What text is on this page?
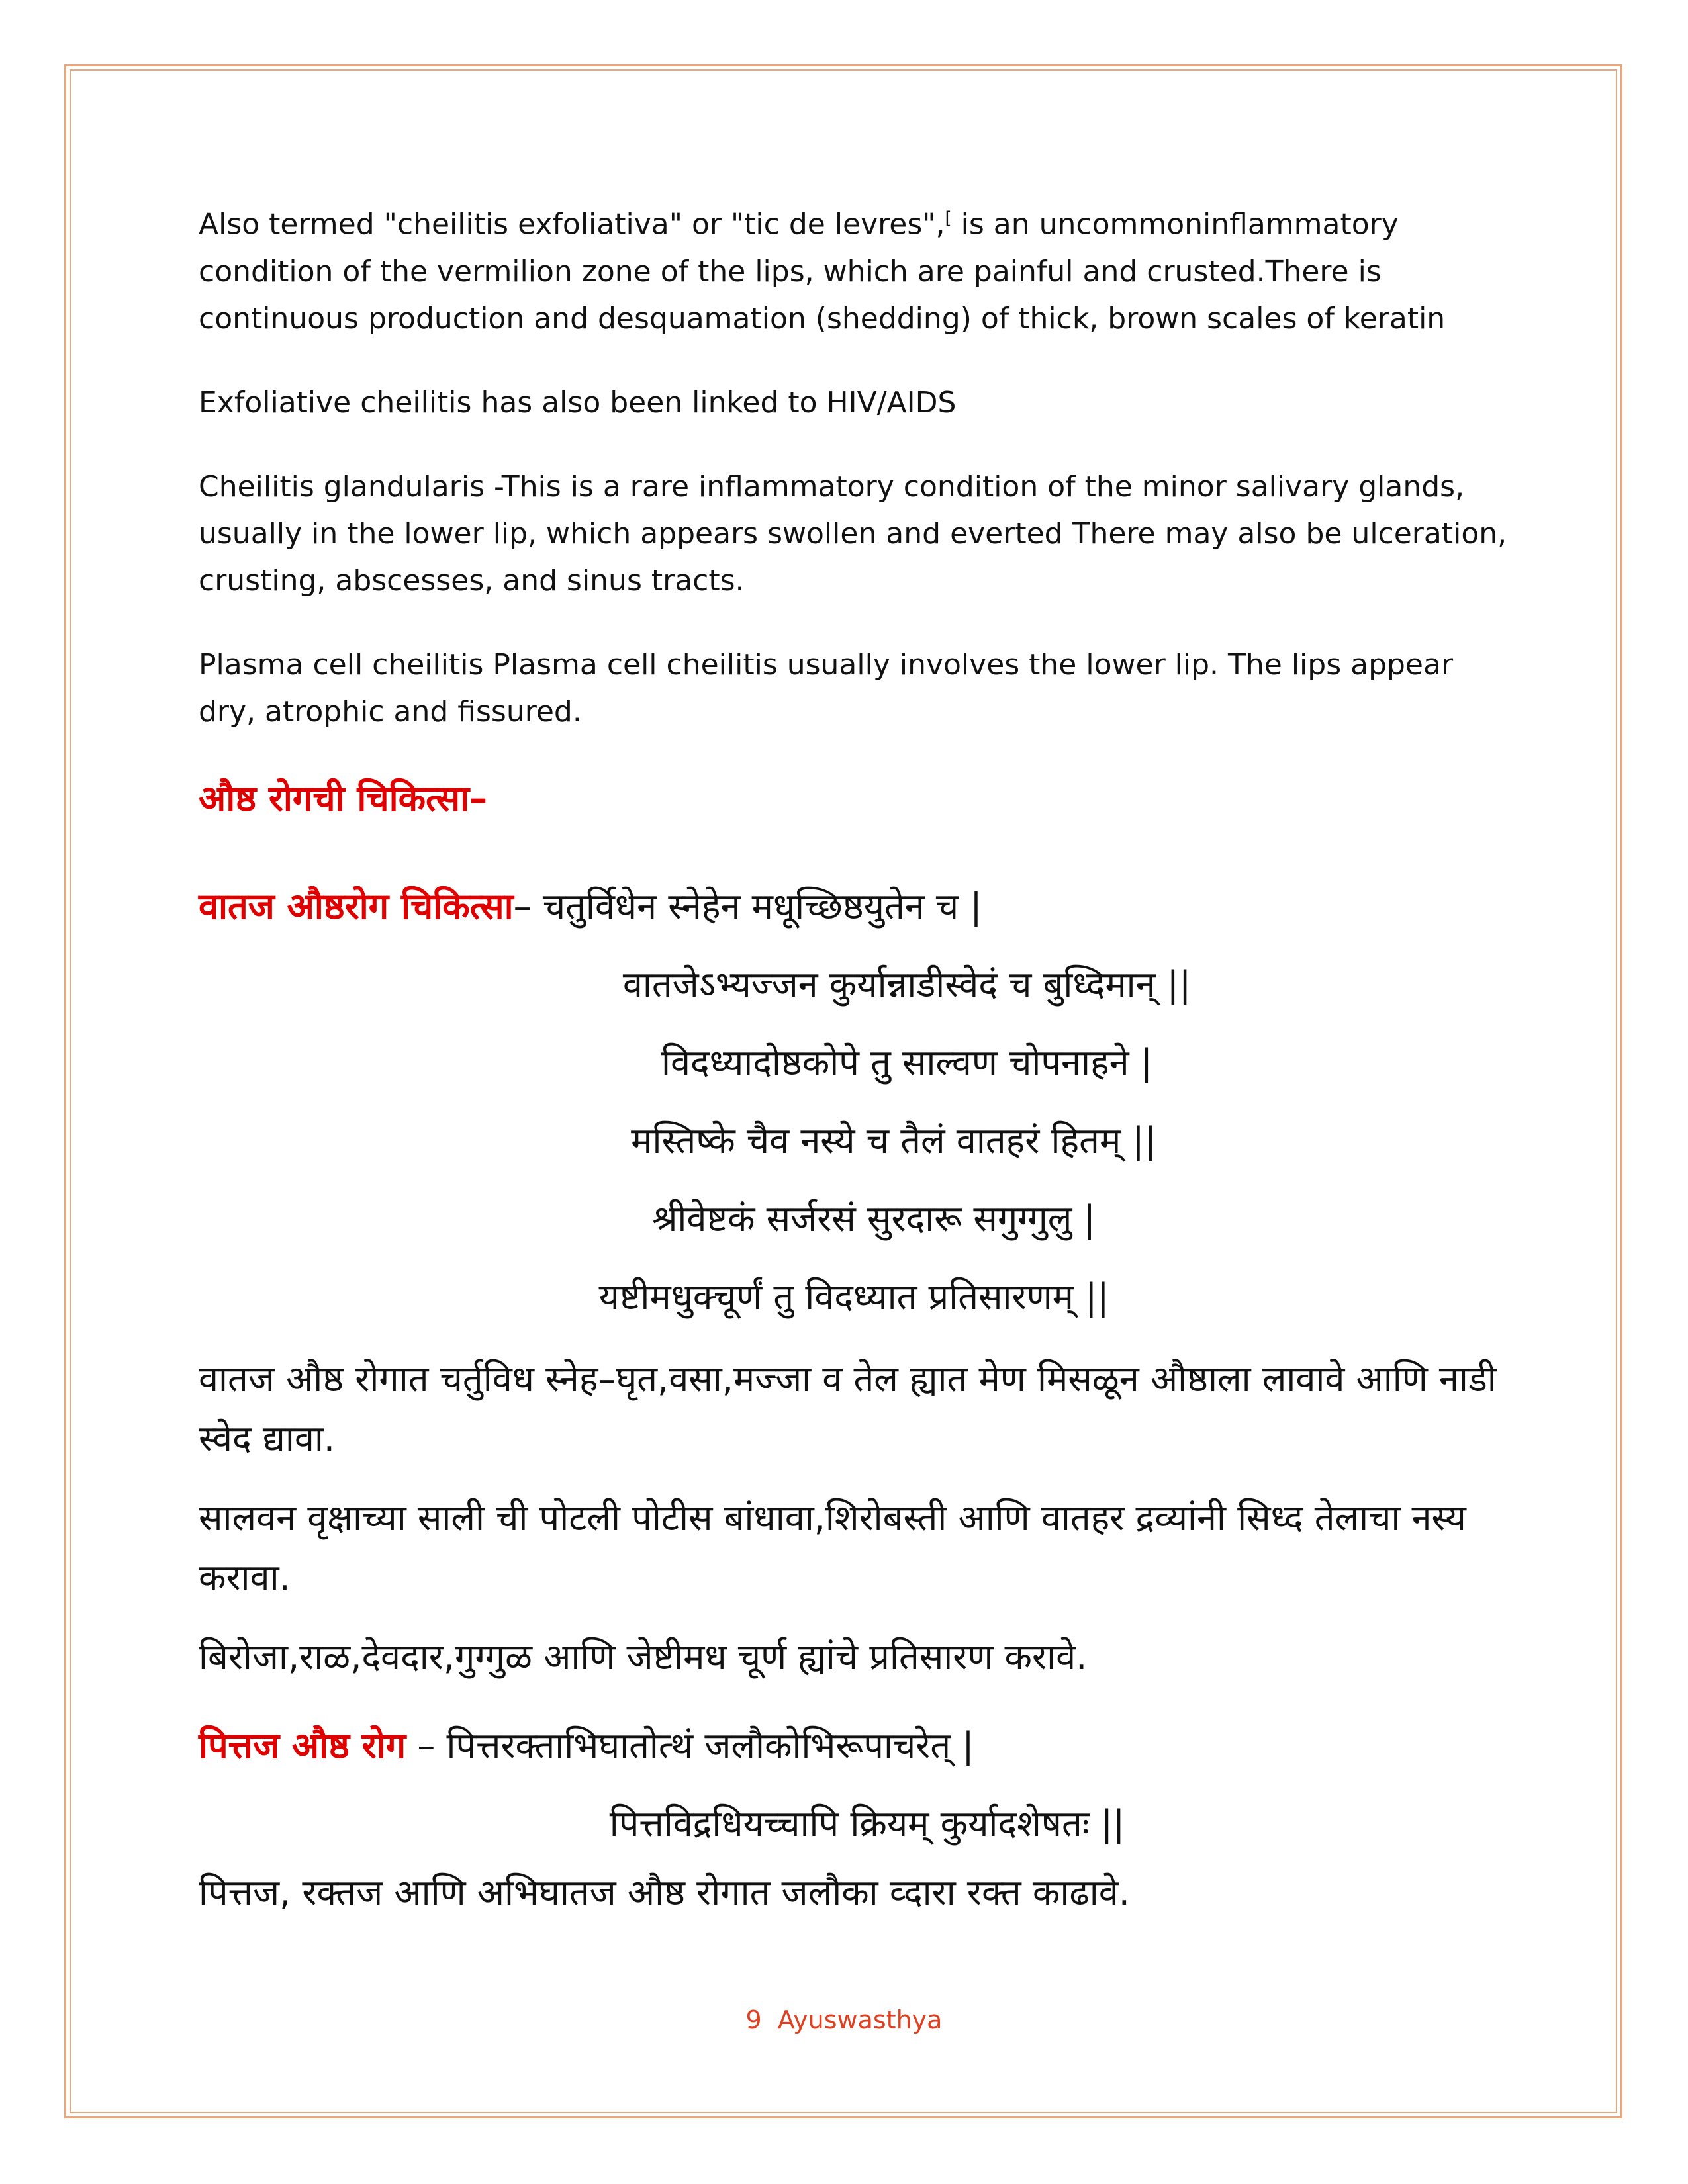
Also termed "cheilitis exfoliativa" or "tic de levres",[ is an uncommoninflammatory condition of the vermilion zone of the lips, which are painful and crusted.There is continuous production and desquamation (shedding) of thick, brown scales of keratin

Exfoliative cheilitis has also been linked to HIV/AIDS

Cheilitis glandularis -This is a rare inflammatory condition of the minor salivary glands, usually in the lower lip, which appears swollen and everted There may also be ulceration, crusting, abscesses, and sinus tracts.

Plasma cell cheilitis Plasma cell cheilitis usually involves the lower lip. The lips appear dry, atrophic and fissured.

औष्ठ रोगची चिकित्सा–

वातज औष्ठरोग चिकित्सा– चतुर्विधेन स्नेहेन मधूच्छिष्ठयुतेन च |

वातजेऽभ्यज्जन कुर्यान्नाडीस्वेदं च बुध्दिमान् ||

विदध्यादोष्ठकोपे तु साल्वण चोपनाहने |

मस्तिष्के चैव नस्ये च तैलं वातहरं हितम् ||

श्रीवेष्टकं सर्जरसं सुरदारू सगुग्गुलु |

यष्टीमधुक्चूर्णं तु विदध्यात प्रतिसारणम् ||

वातज औष्ठ रोगात चर्तुविध स्नेह–घृत,वसा,मज्जा व तेल ह्यात मेण मिसळून औष्ठाला लावावे आणि नाडी स्वेद द्यावा.

सालवन वृक्षाच्या साली ची पोटली पोटीस बांधावा,शिरोबस्ती आणि वातहर द्रव्यांनी सिध्द तेलाचा नस्य करावा.

बिरोजा,राळ,देवदार,गुग्गुळ आणि जेष्टीमध चूर्ण ह्यांचे प्रतिसारण करावे.

पित्तज औष्ठ रोग – पित्तरक्ताभिघातोत्थं जलौकोभिरूपाचरेत् |

पित्तविद्रधियच्चापि क्रियम् कुर्यादशेषतः ||

पित्तज, रक्तज आणि अभिघातज औष्ठ रोगात जलौका व्दारा रक्त काढावे.

9 Ayuswasthya
